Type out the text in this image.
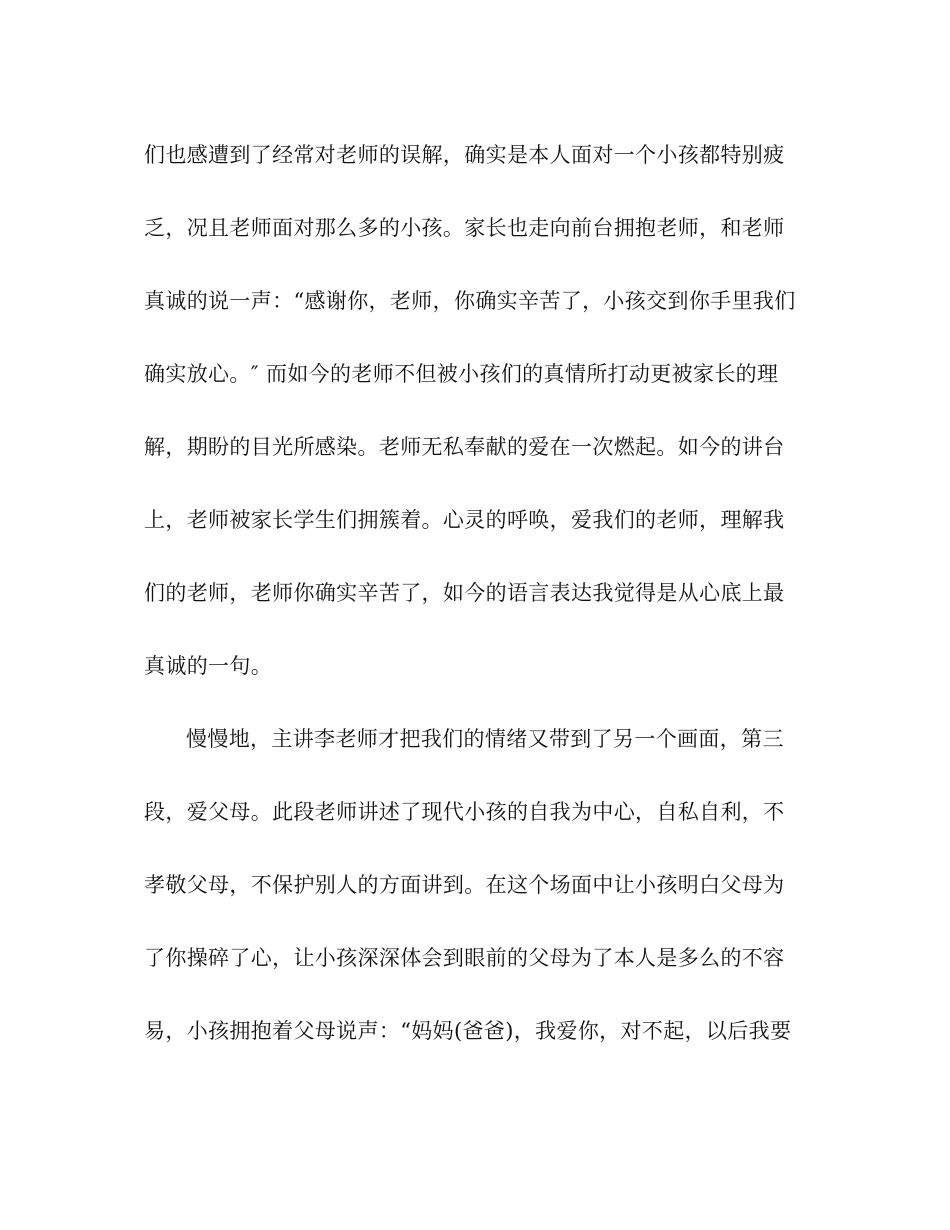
们也感遭到了经常对老师的误解，确实是本人面对一个小孩都特别疲
乏，况且老师面对那么多的小孩。家长也走向前台拥抱老师，和老师
真诚的说一声：“感谢你，老师，你确实辛苦了，小孩交到你手里我们
确实放心。″ 而如今的老师不但被小孩们的真情所打动更被家长的理
解，期盼的目光所感染。老师无私奉献的爱在一次燃起。如今的讲台
上，老师被家长学生们拥簇着。心灵的呼唤，爱我们的老师，理解我
们的老师，老师你确实辛苦了，如今的语言表达我觉得是从心底上最
真诚的一句。
慢慢地，主讲李老师才把我们的情绪又带到了另一个画面，第三
段，爱父母。此段老师讲述了现代小孩的自我为中心，自私自利，不
孝敬父母，不保护别人的方面讲到。在这个场面中让小孩明白父母为
了你操碎了心，让小孩深深体会到眼前的父母为了本人是多么的不容
易，小孩拥抱着父母说声：“妈妈(爸爸)，我爱你，对不起，以后我要
